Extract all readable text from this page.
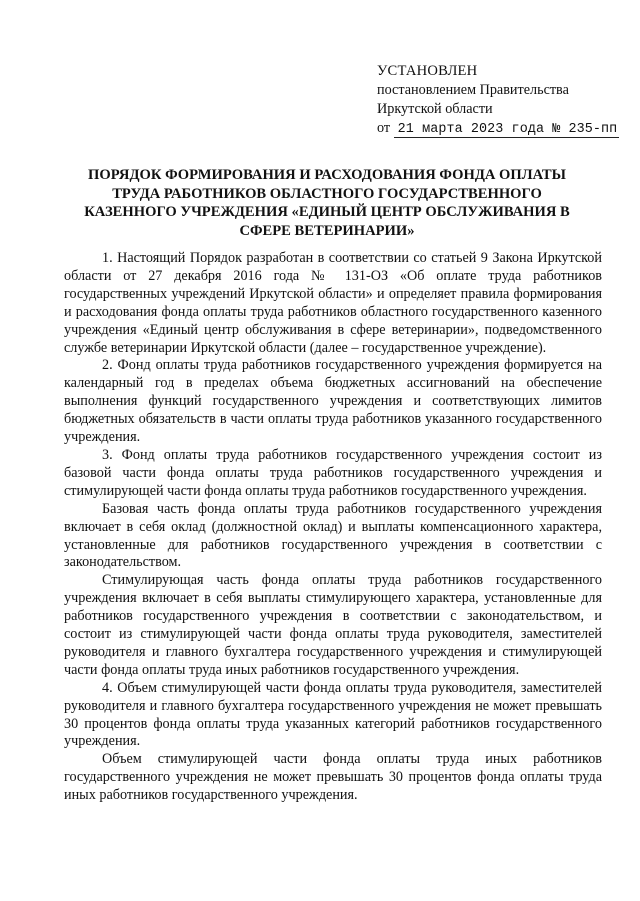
УСТАНОВЛЕН
постановлением Правительства
Иркутской области
от 21 марта 2023 года № 235-пп
ПОРЯДОК ФОРМИРОВАНИЯ И РАСХОДОВАНИЯ ФОНДА ОПЛАТЫ ТРУДА РАБОТНИКОВ ОБЛАСТНОГО ГОСУДАРСТВЕННОГО КАЗЕННОГО УЧРЕЖДЕНИЯ «ЕДИНЫЙ ЦЕНТР ОБСЛУЖИВАНИЯ В СФЕРЕ ВЕТЕРИНАРИИ»

1. Настоящий Порядок разработан в соответствии со статьей 9 Закона Иркутской области от 27 декабря 2016 года № 131-ОЗ «Об оплате труда работников государственных учреждений Иркутской области» и определяет правила формирования и расходования фонда оплаты труда работников областного государственного казенного учреждения «Единый центр обслуживания в сфере ветеринарии», подведомственного службе ветеринарии Иркутской области (далее – государственное учреждение).

2. Фонд оплаты труда работников государственного учреждения формируется на календарный год в пределах объема бюджетных ассигнований на обеспечение выполнения функций государственного учреждения и соответствующих лимитов бюджетных обязательств в части оплаты труда работников указанного государственного учреждения.

3. Фонд оплаты труда работников государственного учреждения состоит из базовой части фонда оплаты труда работников государственного учреждения и стимулирующей части фонда оплаты труда работников государственного учреждения.

Базовая часть фонда оплаты труда работников государственного учреждения включает в себя оклад (должностной оклад) и выплаты компенсационного характера, установленные для работников государственного учреждения в соответствии с законодательством.

Стимулирующая часть фонда оплаты труда работников государственного учреждения включает в себя выплаты стимулирующего характера, установленные для работников государственного учреждения в соответствии с законодательством, и состоит из стимулирующей части фонда оплаты труда руководителя, заместителей руководителя и главного бухгалтера государственного учреждения и стимулирующей части фонда оплаты труда иных работников государственного учреждения.

4. Объем стимулирующей части фонда оплаты труда руководителя, заместителей руководителя и главного бухгалтера государственного учреждения не может превышать 30 процентов фонда оплаты труда указанных категорий работников государственного учреждения.

Объем стимулирующей части фонда оплаты труда иных работников государственного учреждения не может превышать 30 процентов фонда оплаты труда иных работников государственного учреждения.
